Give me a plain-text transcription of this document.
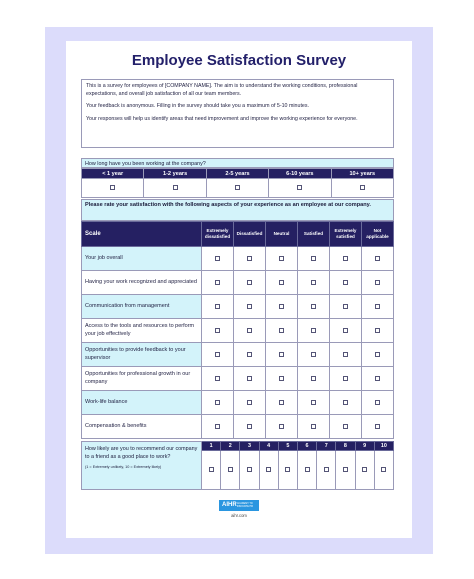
Employee Satisfaction Survey

This is a survey for employees of [COMPANY NAME]. The aim is to understand the working conditions, professional expectations, and overall job satisfaction of all our team members.

Your feedback is anonymous. Filling in the survey should take you a maximum of 5-10 minutes.

Your responses will help us identify areas that need improvement and improve the working experience for everyone.

How long have you been working at the company?
< 1 year	1-2 years	2-5 years	6-10 years	10+ years

Please rate your satisfaction with the following aspects of your experience as an employee at our company.
Scale	Extremely dissatisfied	Dissatisfied	Neutral	Satisfied	Extremely satisfied	Not applicable
Your job overall						
Having your work recognized and appreciated						
Communication from management						
Access to the tools and resources to perform your job effectively						
Opportunities to provide feedback to your supervisor						
Opportunities for professional growth in our company						
Work-life balance						
Compensation & benefits						
How likely are you to recommend our company to a friend as a good place to work?
(1 = Extremely unlikely, 10 = Extremely likely)	1	2	3	4	5	6	7	8	9	10

AIHR ACADEMY TO INNOVATE HR
aihr.com
